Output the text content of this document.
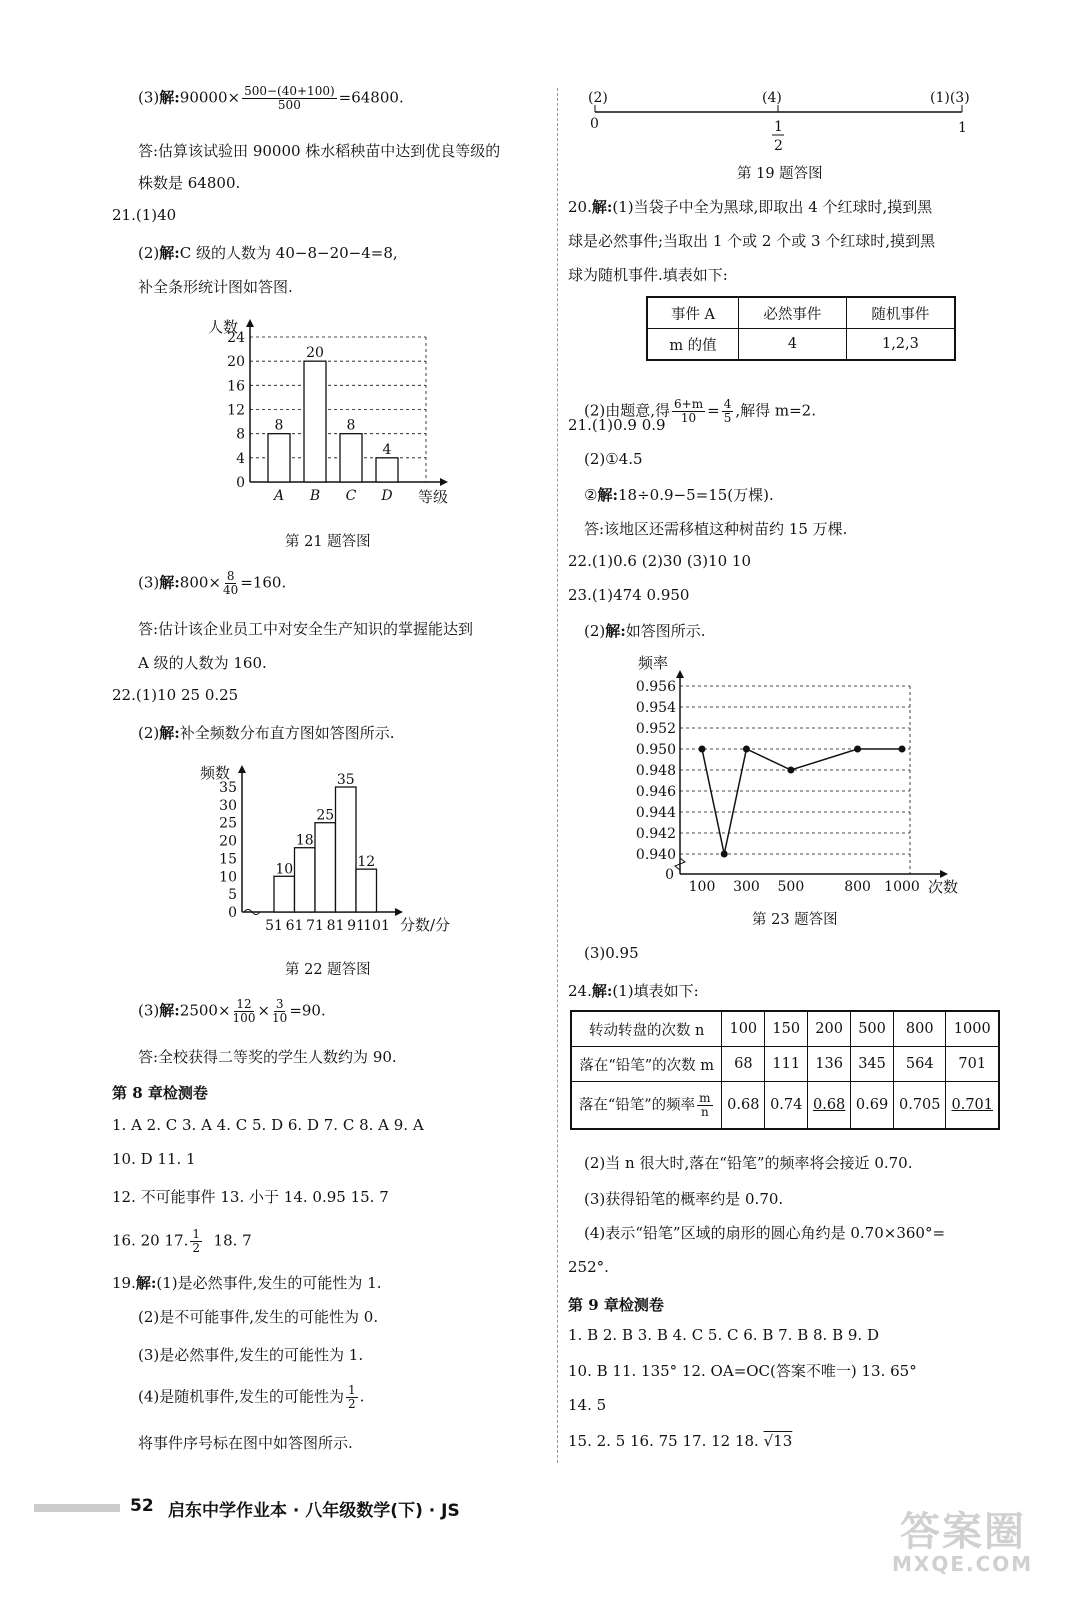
(3)解:90000× $\frac{500-(40+100)}{500} =64800$.
答:估算该试验田 90000 株水稻秧苗中达到优良等级的
株数是 64800.
21.(1)40
(2)解:C 级的人数为 40−8−20−4=8,
补全条形统计图如答图.
人数
等级
0
4
8
12
16
20
24
8
A
20
B
8
C
4
D
第 21 题答图
(3)解:800× $\frac{8}{40} =160$.
答:估计该企业员工中对安全生产知识的掌握能达到
A 级的人数为 160.
22.(1)10 25 0.25
(2)解:补全频数分布直方图如答图所示.
频数
分数/分
0
5
10
15
20
25
30
35
10
18
25
35
12
51 61 71 81 91
101
第 22 题答图
(3)解:2500× $\frac{12}{100} \times \frac{3}{10} =90$.
答:全校获得二等奖的学生人数约为 90.
第 8 章检测卷
1. A 2. C 3. A 4. C 5. D 6. D 7. C 8. A 9. A
10. D 11. 1
12. 不可能事件 13. 小于 14. 0.95 15. 7
16. 20 17. $\frac{1}{2} 18$. 7
19.解:(1)是必然事件,发生的可能性为 1.
(2)是不可能事件,发生的可能性为 0.
(3)是必然事件,发生的可能性为 1.
(4)是随机事件,发生的可能性为 $\frac{1}{2}$ .
将事件序号标在图中如答图所示.
(2)	(4)	(1)(3)
0	1
2
1
第 19 题答图
20.解:(1)当袋子中全为黑球,即取出 4 个红球时,摸到黑
球是必然事件;当取出 1 个或 2 个或 3 个红球时,摸到黑
球为随机事件.填表如下:
事件 A	必然事件	随机事件
m 的值	4	1,2,3
(2)由题意,得 $\frac{6+m}{10} = \frac{4}{5}$ ,解得 m=2.
21.(1)0.9 0.9
(2)①4.5
②解:18÷0.9−5=15(万棵).
答:该地区还需移植这种树苗约 15 万棵.
22.(1)0.6 (2)30 (3)10 10
23.(1)474 0.950
(2)解:如答图所示.
频率
次数
0
0.940
0.942
0.944
0.946
0.948
0.950
0.952
0.954
0.956
100 300 500	800 1000
第 23 题答图
(3)0.95
24.解:(1)填表如下:
转动转盘的次数 n	100	150	200	500	800	1000
落在“铅笔”的次数 m	68	111	136	345	564	701
落在“铅笔”的频率 $\frac{m}{n}$	0.68	0.74	0.68	0.69	0.705	0.701
(2)当 n 很大时,落在“铅笔”的频率将会接近 0.70.
(3)获得铅笔的概率约是 0.70.
(4)表示“铅笔”区域的扇形的圆心角约是 0.70×360°=
252°.
第 9 章检测卷
1. B 2. B 3. B 4. C 5. C 6. B 7. B 8. B 9. D
10. B 11. 135° 12. OA=OC(答案不唯一) 13. 65°
14. 5
15. 2. 5 16. 75 17. 12 18. √13
52 启东中学作业本 · 八年级数学(下) · JS	答案圈
MXQE.COM
